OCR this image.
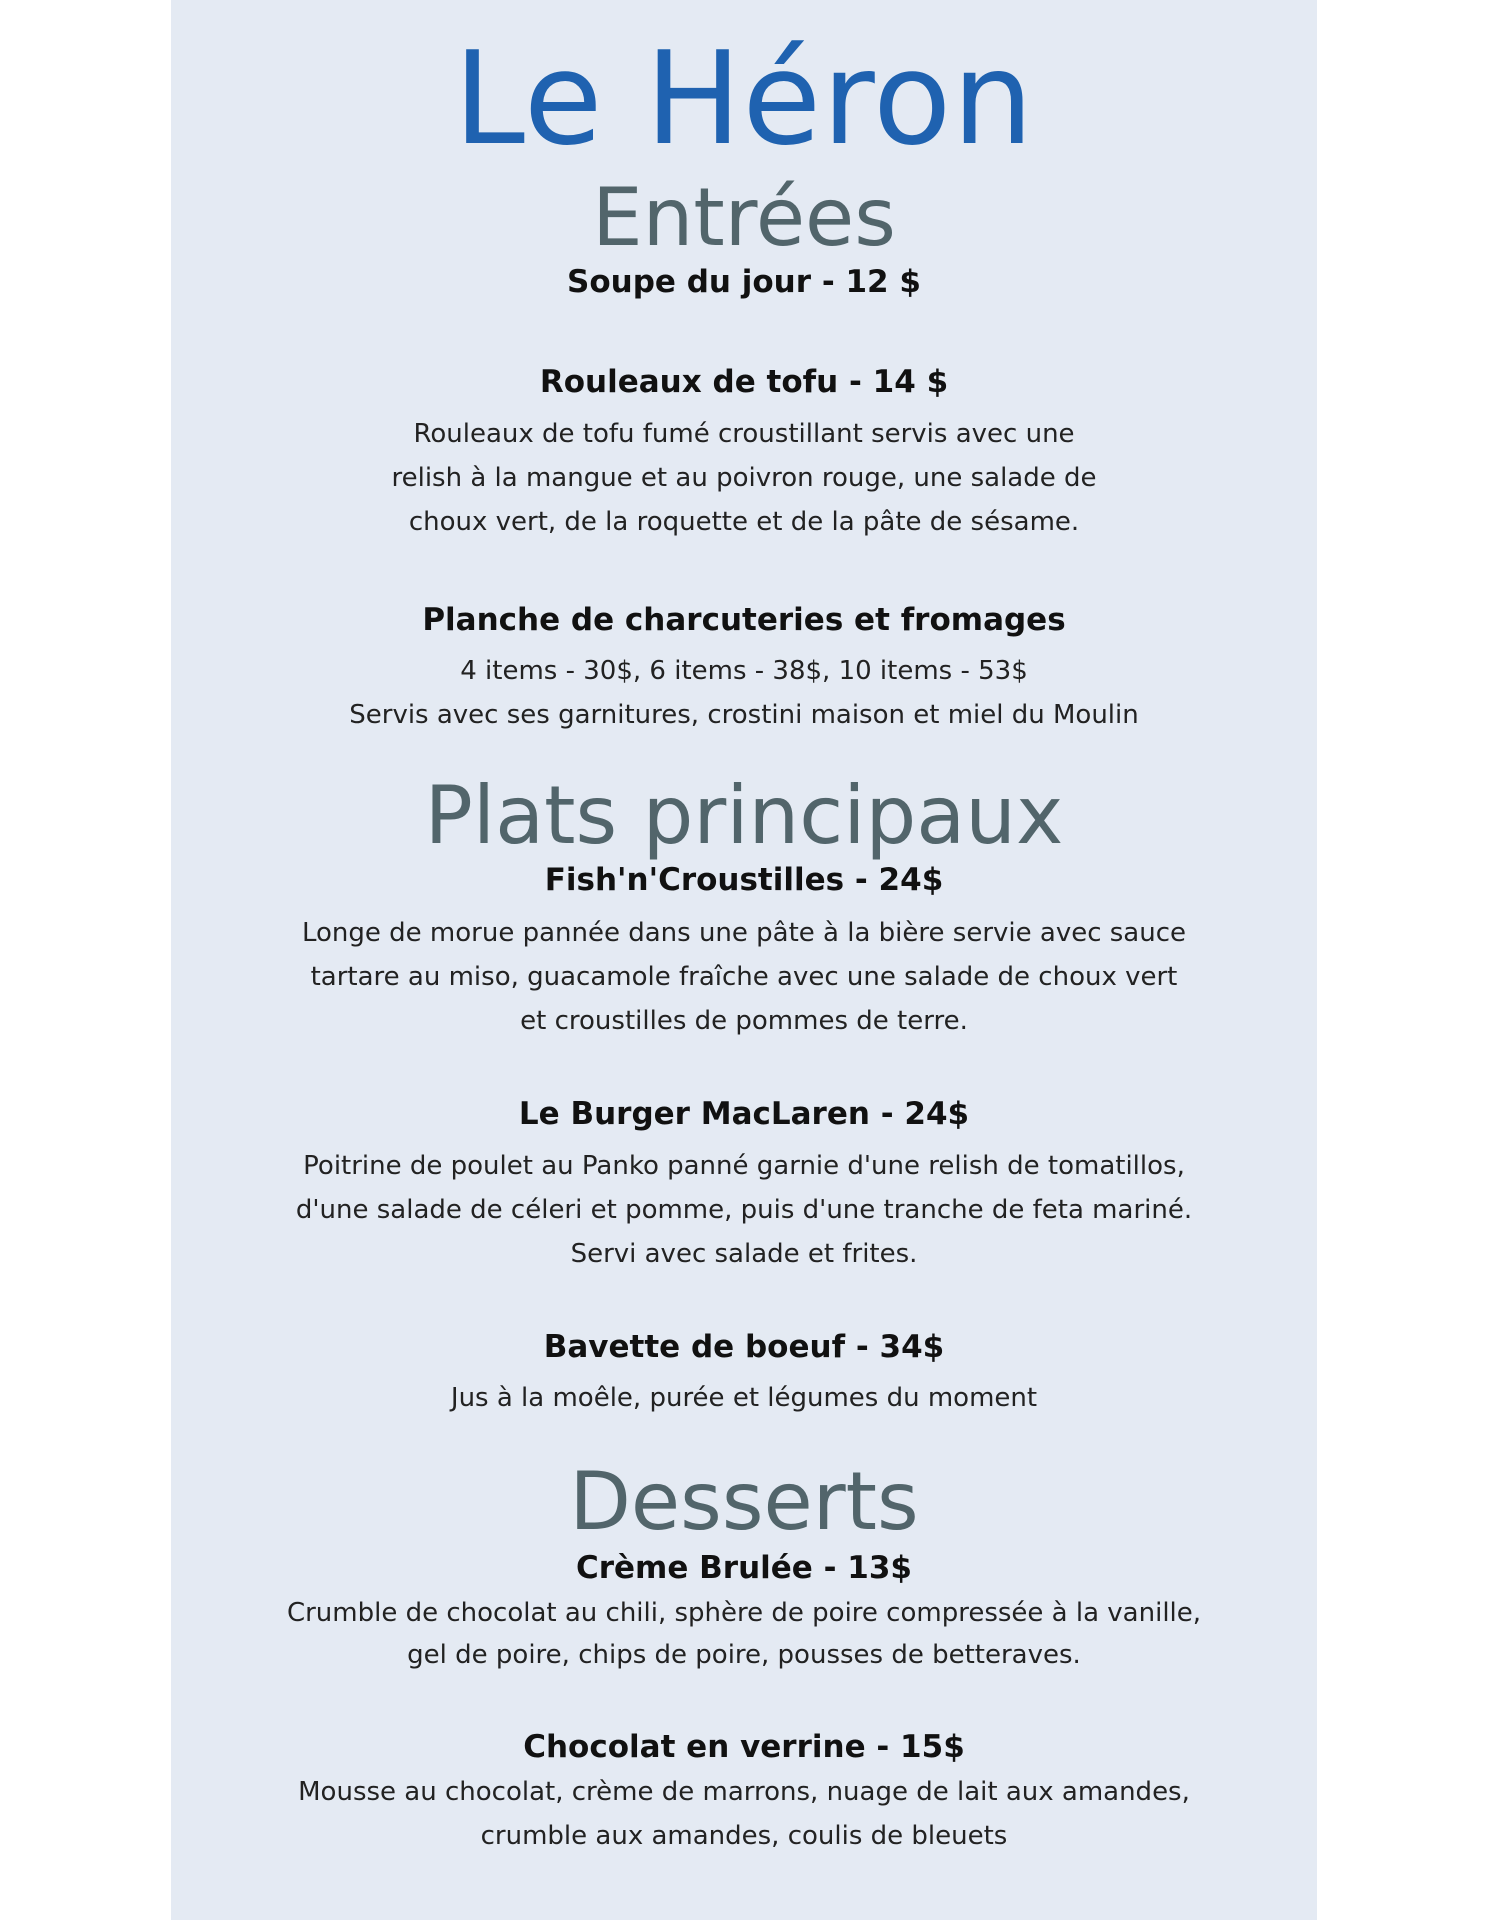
Le Héron
Entrées
Soupe du jour - 12 $
Rouleaux de tofu - 14 $
Rouleaux de tofu fumé croustillant servis avec une
relish à la mangue et au poivron rouge, une salade de
choux vert, de la roquette et de la pâte de sésame.
Planche de charcuteries et fromages
4 items - 30$, 6 items - 38$, 10 items - 53$
Servis avec ses garnitures, crostini maison et miel du Moulin
Plats principaux
Fish'n'Croustilles - 24$
Longe de morue pannée dans une pâte à la bière servie avec sauce
tartare au miso, guacamole fraîche avec une salade de choux vert
et croustilles de pommes de terre.
Le Burger MacLaren - 24$
Poitrine de poulet au Panko panné garnie d'une relish de tomatillos,
d'une salade de céleri et pomme, puis d'une tranche de feta mariné.
Servi avec salade et frites.
Bavette de boeuf - 34$
Jus à la moêle, purée et légumes du moment
Desserts
Crème Brulée - 13$
Crumble de chocolat au chili, sphère de poire compressée à la vanille,
gel de poire, chips de poire, pousses de betteraves.
Chocolat en verrine - 15$
Mousse au chocolat, crème de marrons, nuage de lait aux amandes,
crumble aux amandes, coulis de bleuets
